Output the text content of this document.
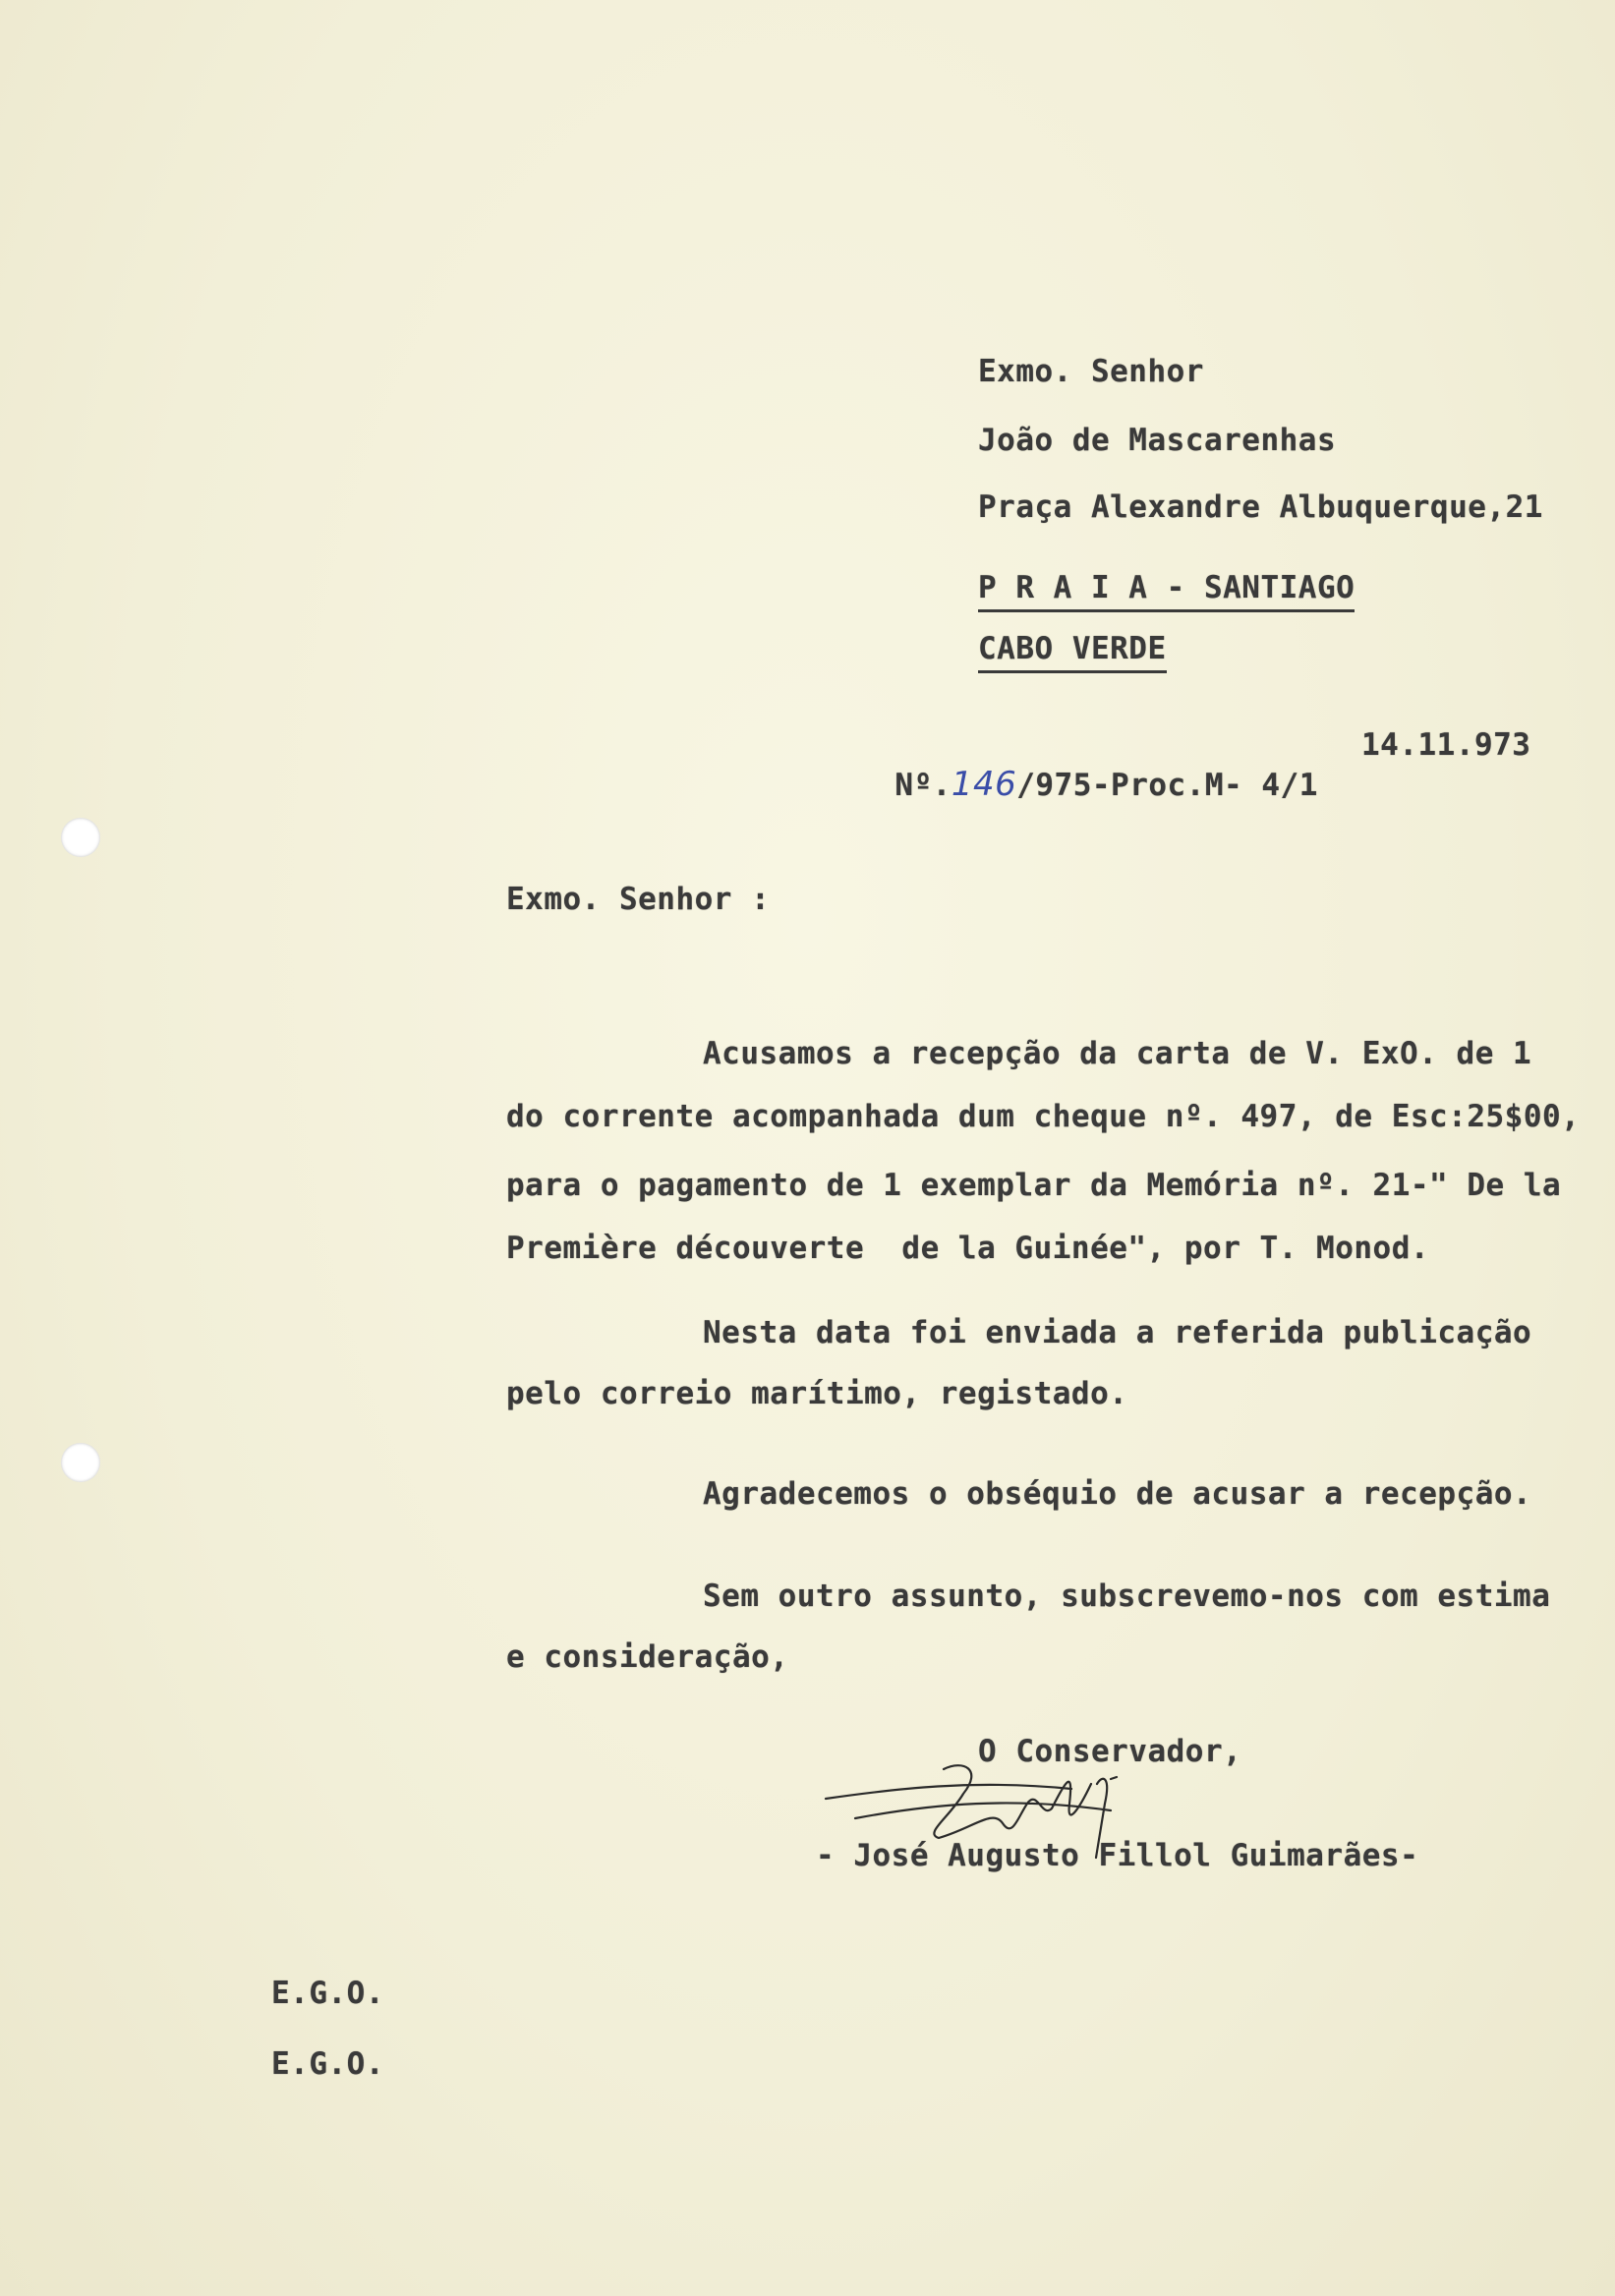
Exmo. Senhor
João de Mascarenhas
Praça Alexandre Albuquerque,21
P R A I A - SANTIAGO
CABO VERDE

Nº.146/975-Proc.M- 4/1

14.11.973
Exmo. Senhor :
Acusamos a recepção da carta de V. ExO. de 1
do corrente acompanhada dum cheque nº. 497, de Esc:25$00,
para o pagamento de 1 exemplar da Memória nº. 21-" De la
Première découverte  de la Guinée", por T. Monod.
Nesta data foi enviada a referida publicação
pelo correio marítimo, registado.
Agradecemos o obséquio de acusar a recepção.
Sem outro assunto, subscrevemo-nos com estima
e consideração,
O Conservador,
- José Augusto Fillol Guimarães-
E.G.O.
E.G.O.
